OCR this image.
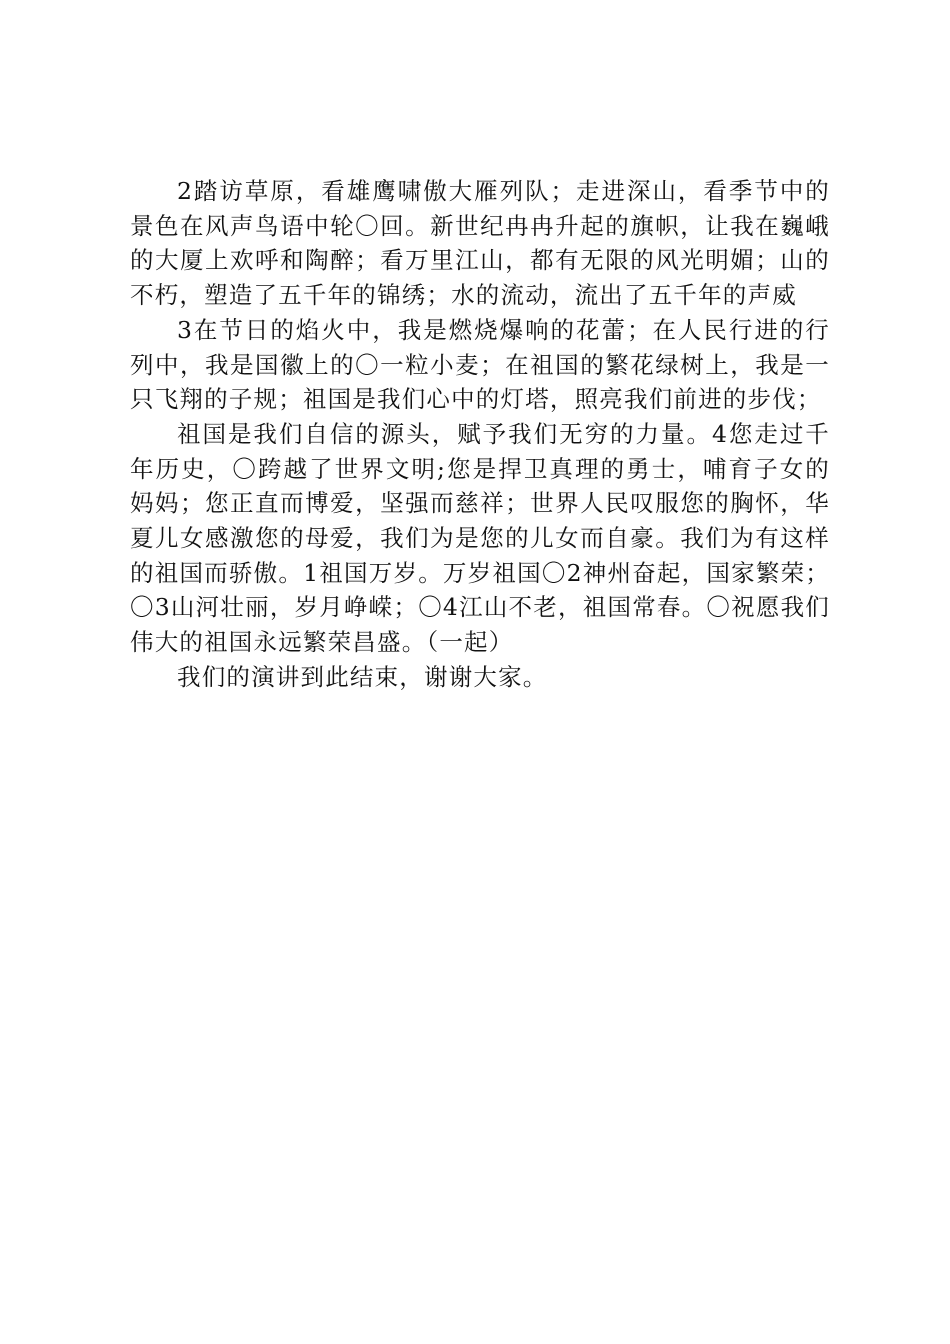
2踏访草原，看雄鹰啸傲大雁列队；走进深山，看季节中的景色在风声鸟语中轮〇回。新世纪冉冉升起的旗帜，让我在巍峨的大厦上欢呼和陶醉；看万里江山，都有无限的风光明媚；山的不朽，塑造了五千年的锦绣；水的流动，流出了五千年的声威

3在节日的焰火中，我是燃烧爆响的花蕾；在人民行进的行列中，我是国徽上的〇一粒小麦；在祖国的繁花绿树上，我是一只飞翔的子规；祖国是我们心中的灯塔，照亮我们前进的步伐；

祖国是我们自信的源头，赋予我们无穷的力量。4您走过千年历史，〇跨越了世界文明;您是捍卫真理的勇士，哺育子女的妈妈；您正直而博爱，坚强而慈祥；世界人民叹服您的胸怀，华夏儿女感激您的母爱，我们为是您的儿女而自豪。我们为有这样的祖国而骄傲。1祖国万岁。万岁祖国〇2神州奋起，国家繁荣；〇3山河壮丽，岁月峥嵘；〇4江山不老，祖国常春。〇祝愿我们伟大的祖国永远繁荣昌盛。（一起）

我们的演讲到此结束，谢谢大家。
